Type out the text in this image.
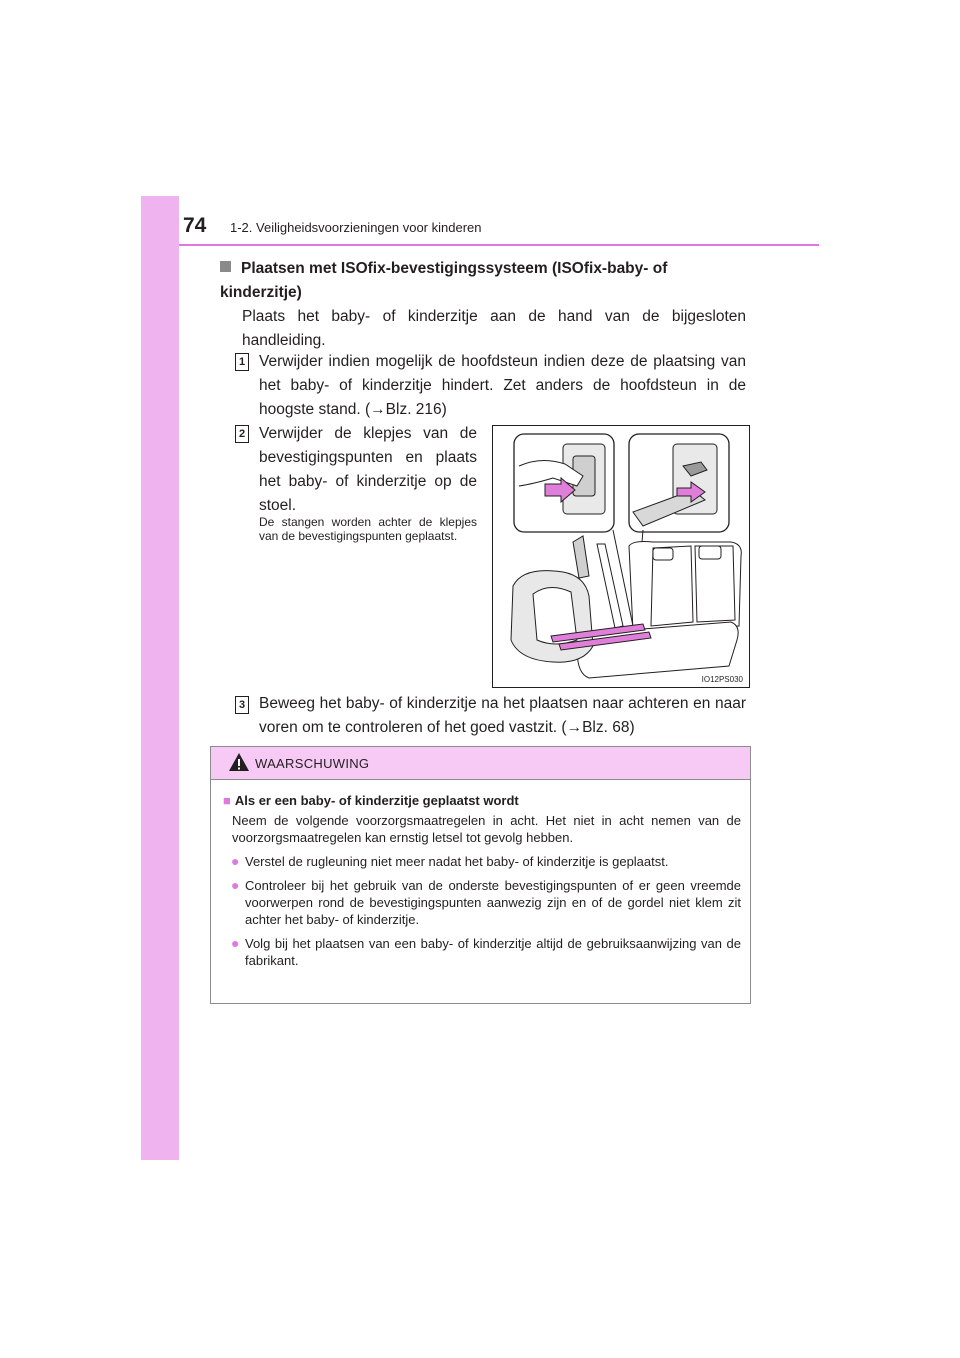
74 1-2. Veiligheidsvoorzieningen voor kinderen
Plaatsen met ISOfix-bevestigingssysteem (ISOfix-baby- of kinderzitje)
Plaats het baby- of kinderzitje aan de hand van de bijgesloten handleiding.
1 Verwijder indien mogelijk de hoofdsteun indien deze de plaatsing van het baby- of kinderzitje hindert. Zet anders de hoofdsteun in de hoogste stand. (→Blz. 216)
2 Verwijder de klepjes van de bevestigingspunten en plaats het baby- of kinderzitje op de stoel.
De stangen worden achter de klepjes van de bevestigingspunten geplaatst.
IO12PS030
3 Beweeg het baby- of kinderzitje na het plaatsen naar achteren en naar voren om te controleren of het goed vastzit. (→Blz. 68)
WAARSCHUWING
■ Als er een baby- of kinderzitje geplaatst wordt
Neem de volgende voorzorgsmaatregelen in acht. Het niet in acht nemen van de voorzorgsmaatregelen kan ernstig letsel tot gevolg hebben.
● Verstel de rugleuning niet meer nadat het baby- of kinderzitje is geplaatst.
● Controleer bij het gebruik van de onderste bevestigingspunten of er geen vreemde voorwerpen rond de bevestigingspunten aanwezig zijn en of de gordel niet klem zit achter het baby- of kinderzitje.
● Volg bij het plaatsen van een baby- of kinderzitje altijd de gebruiksaanwijzing van de fabrikant.
